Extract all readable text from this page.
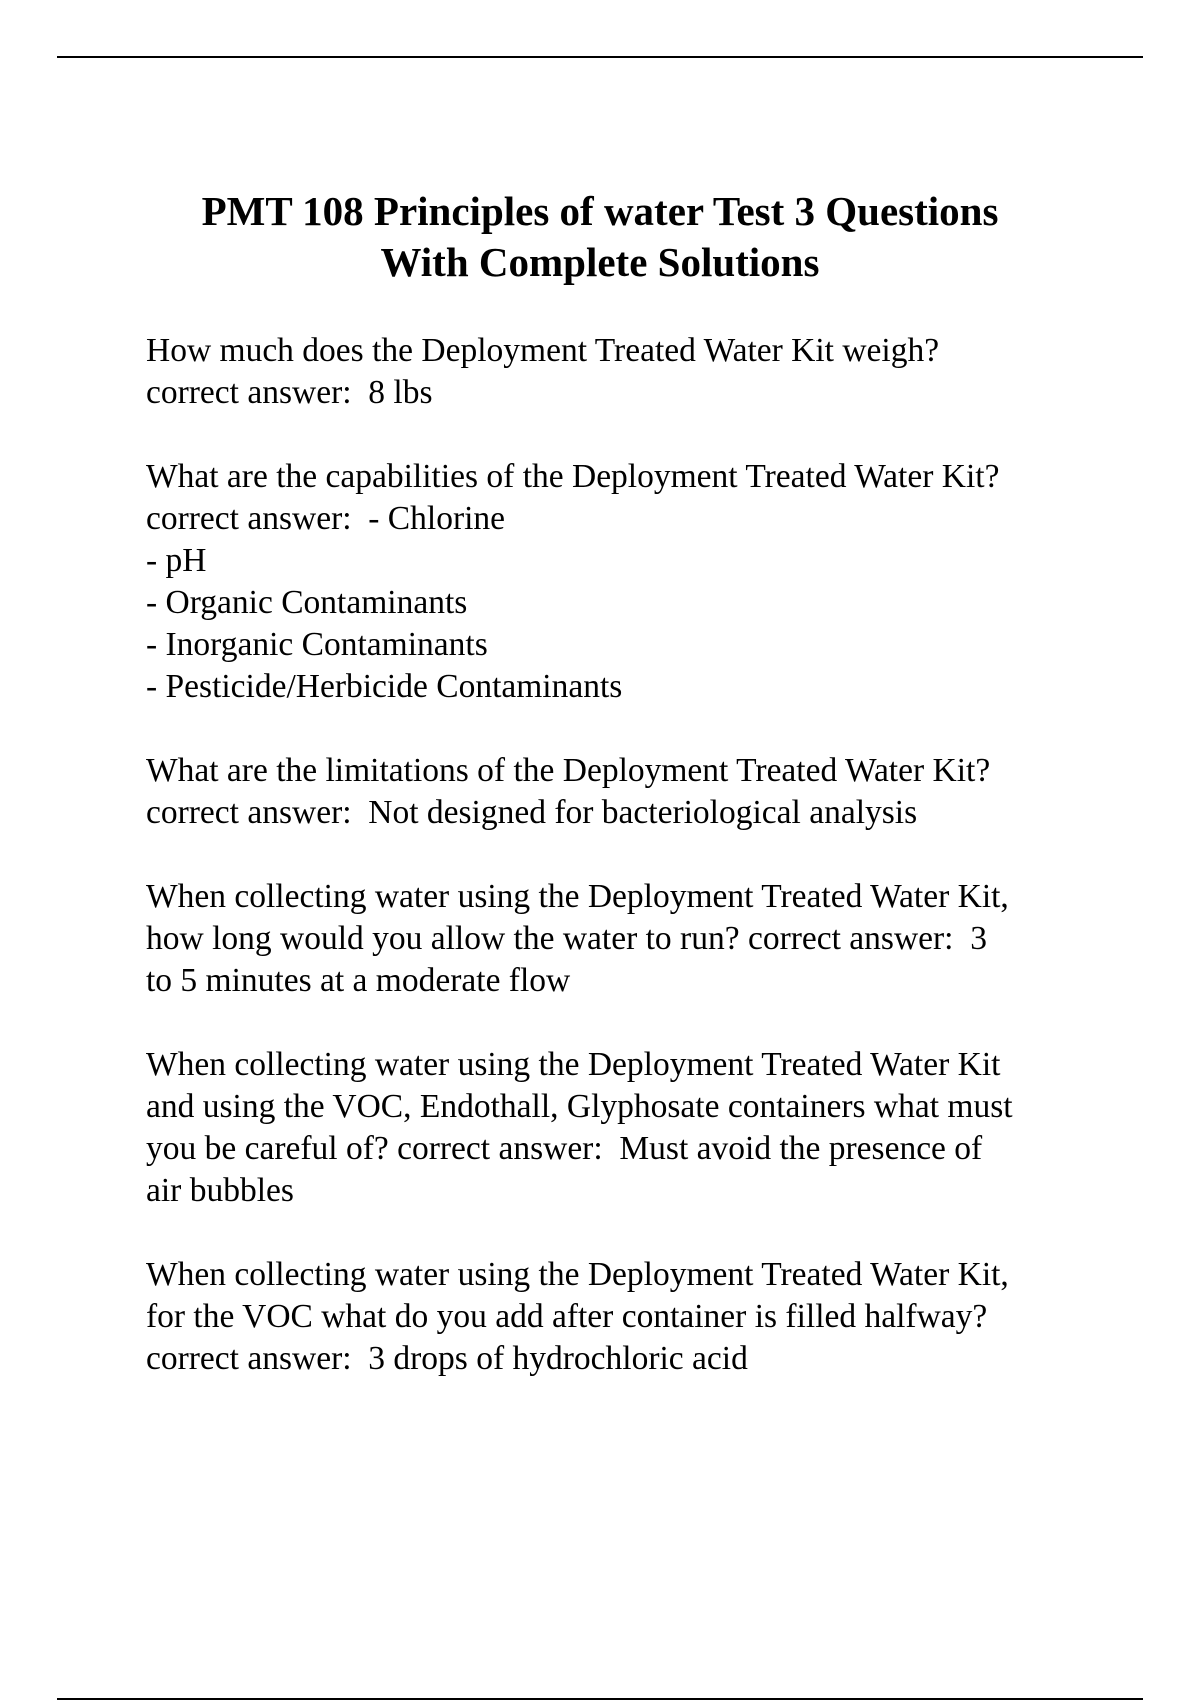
PMT 108 Principles of water Test 3 Questions
With Complete Solutions
How much does the Deployment Treated Water Kit weigh?
correct answer:  8 lbs
What are the capabilities of the Deployment Treated Water Kit?
correct answer:  - Chlorine
- pH
- Organic Contaminants
- Inorganic Contaminants
- Pesticide/Herbicide Contaminants
What are the limitations of the Deployment Treated Water Kit?
correct answer:  Not designed for bacteriological analysis
When collecting water using the Deployment Treated Water Kit,
how long would you allow the water to run? correct answer:  3
to 5 minutes at a moderate flow
When collecting water using the Deployment Treated Water Kit
and using the VOC, Endothall, Glyphosate containers what must
you be careful of? correct answer:  Must avoid the presence of
air bubbles
When collecting water using the Deployment Treated Water Kit,
for the VOC what do you add after container is filled halfway?
correct answer:  3 drops of hydrochloric acid
